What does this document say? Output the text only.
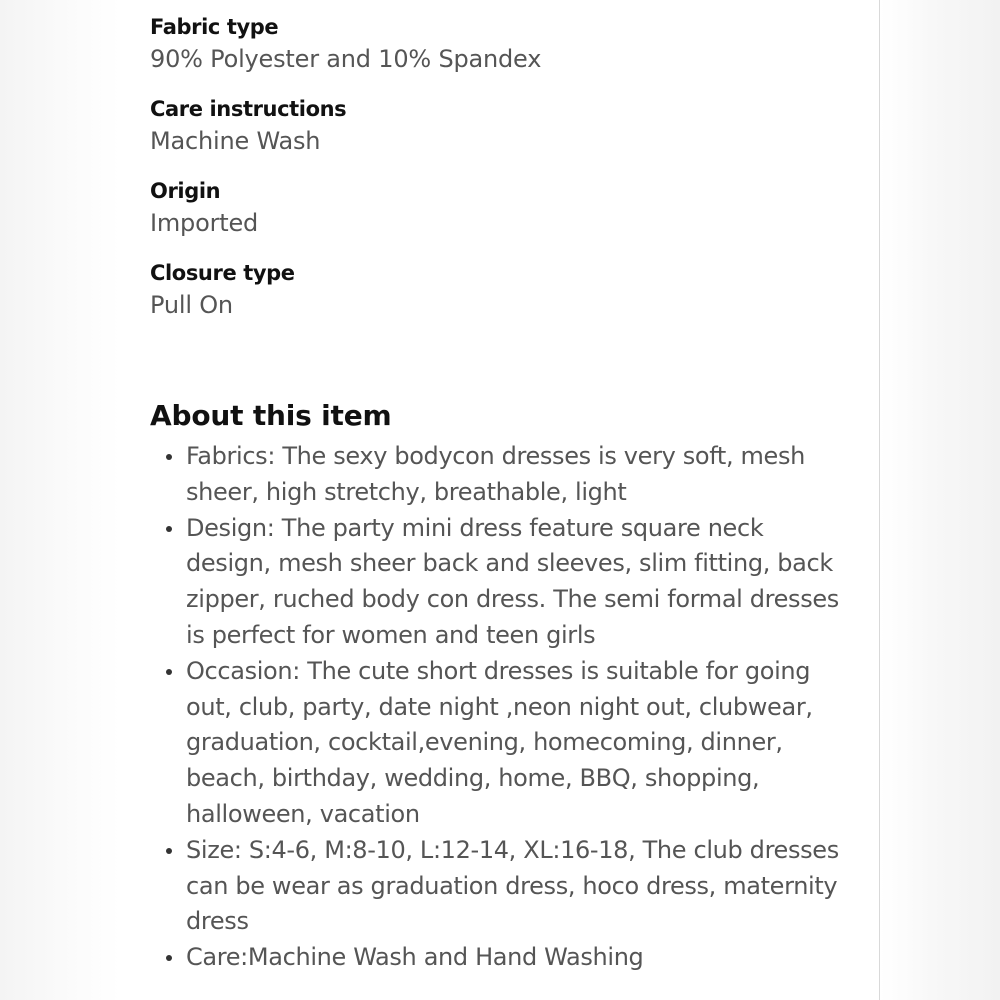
Fabric type
90% Polyester and 10% Spandex
Care instructions
Machine Wash
Origin
Imported
Closure type
Pull On
About this item
Fabrics: The sexy bodycon dresses is very soft, mesh sheer, high stretchy, breathable, light
Design: The party mini dress feature square neck design, mesh sheer back and sleeves, slim fitting, back zipper, ruched body con dress. The semi formal dresses is perfect for women and teen girls
Occasion: The cute short dresses is suitable for going out, club, party, date night ,neon night out, clubwear, graduation, cocktail,evening, homecoming, dinner, beach, birthday, wedding, home, BBQ, shopping, halloween, vacation
Size: S:4-6, M:8-10, L:12-14, XL:16-18, The club dresses can be wear as graduation dress, hoco dress, maternity dress
Care:Machine Wash and Hand Washing
